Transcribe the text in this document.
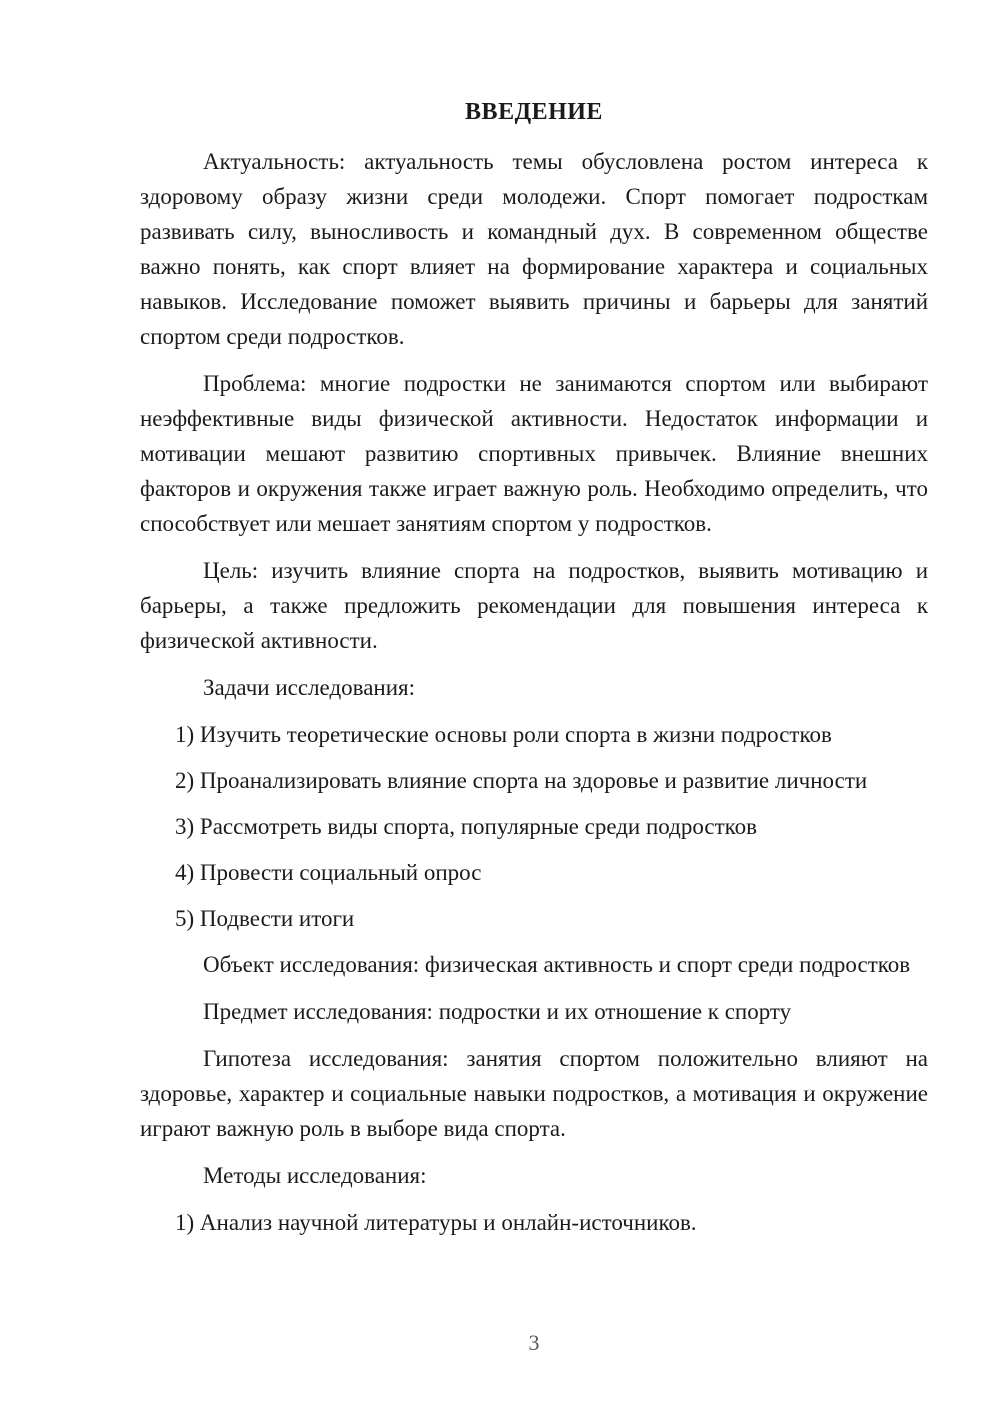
ВВЕДЕНИЕ

Актуальность: актуальность темы обусловлена ростом интереса к здоровому образу жизни среди молодежи. Спорт помогает подросткам развивать силу, выносливость и командный дух. В современном обществе важно понять, как спорт влияет на формирование характера и социальных навыков. Исследование поможет выявить причины и барьеры для занятий спортом среди подростков.

Проблема: многие подростки не занимаются спортом или выбирают неэффективные виды физической активности. Недостаток информации и мотивации мешают развитию спортивных привычек. Влияние внешних факторов и окружения также играет важную роль. Необходимо определить, что способствует или мешает занятиям спортом у подростков.

Цель: изучить влияние спорта на подростков, выявить мотивацию и барьеры, а также предложить рекомендации для повышения интереса к физической активности.

Задачи исследования:

1) Изучить теоретические основы роли спорта в жизни подростков
2) Проанализировать влияние спорта на здоровье и развитие личности
3) Рассмотреть виды спорта, популярные среди подростков
4) Провести социальный опрос
5) Подвести итоги

Объект исследования: физическая активность и спорт среди подростков

Предмет исследования: подростки и их отношение к спорту

Гипотеза исследования: занятия спортом положительно влияют на здоровье, характер и социальные навыки подростков, а мотивация и окружение играют важную роль в выборе вида спорта.

Методы исследования:

1) Анализ научной литературы и онлайн-источников.
3
